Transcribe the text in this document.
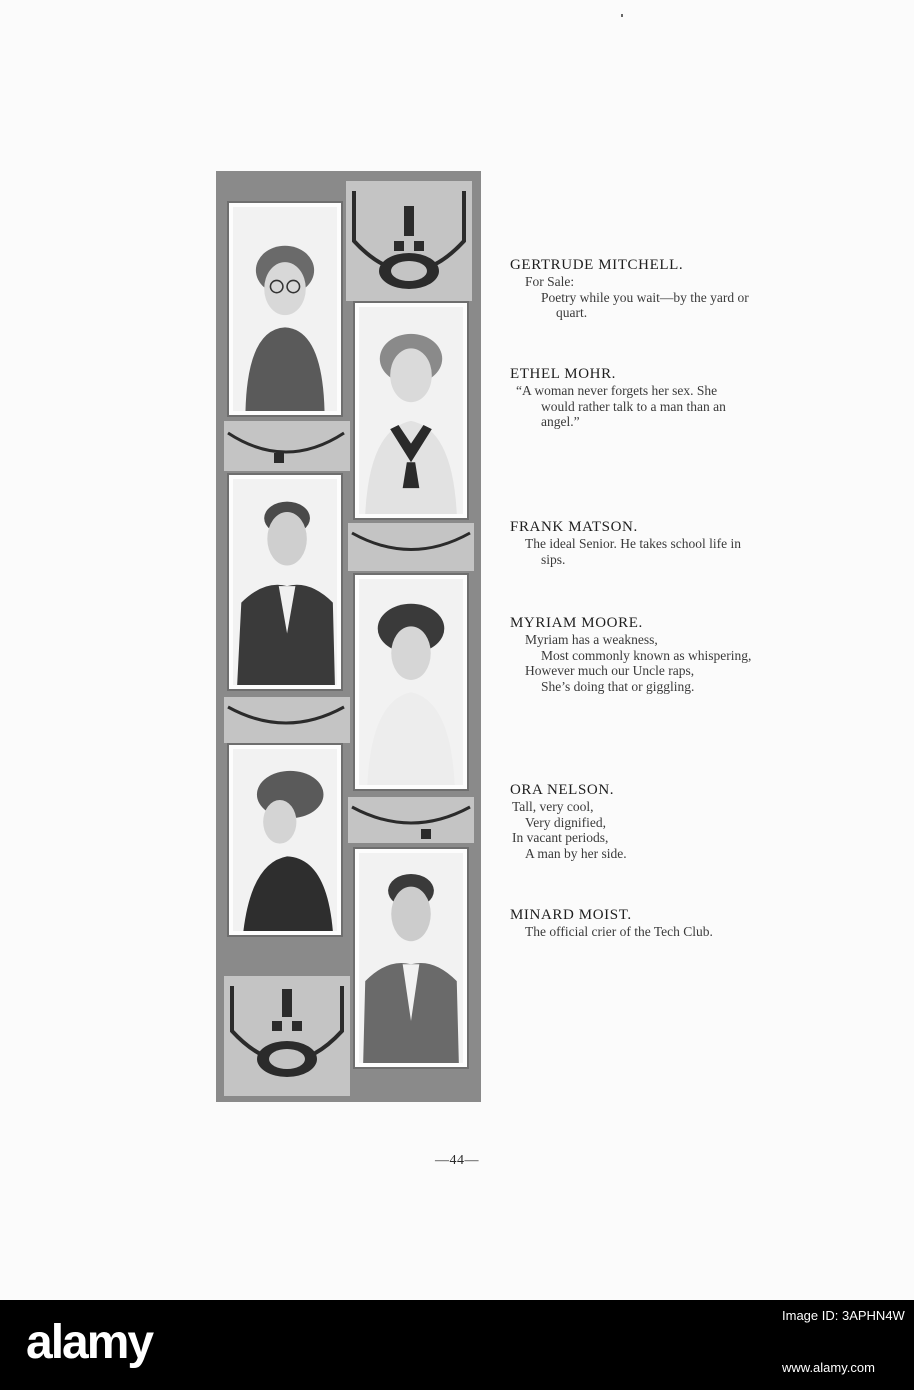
GERTRUDE MITCHELL.

For Sale:

Poetry while you wait—by the yard or

quart.

ETHEL MOHR.

“A woman never forgets her sex. She

would rather talk to a man than an

angel.”

FRANK MATSON.

The ideal Senior. He takes school life in

sips.

MYRIAM MOORE.

Myriam has a weakness,

Most commonly known as whispering,

However much our Uncle raps,

She’s doing that or giggling.

ORA NELSON.

Tall, very cool,

Very dignified,

In vacant periods,

A man by her side.

MINARD MOIST.

The official crier of the Tech Club.

—44—
alamy
Image ID: 3APHN4W
www.alamy.com
